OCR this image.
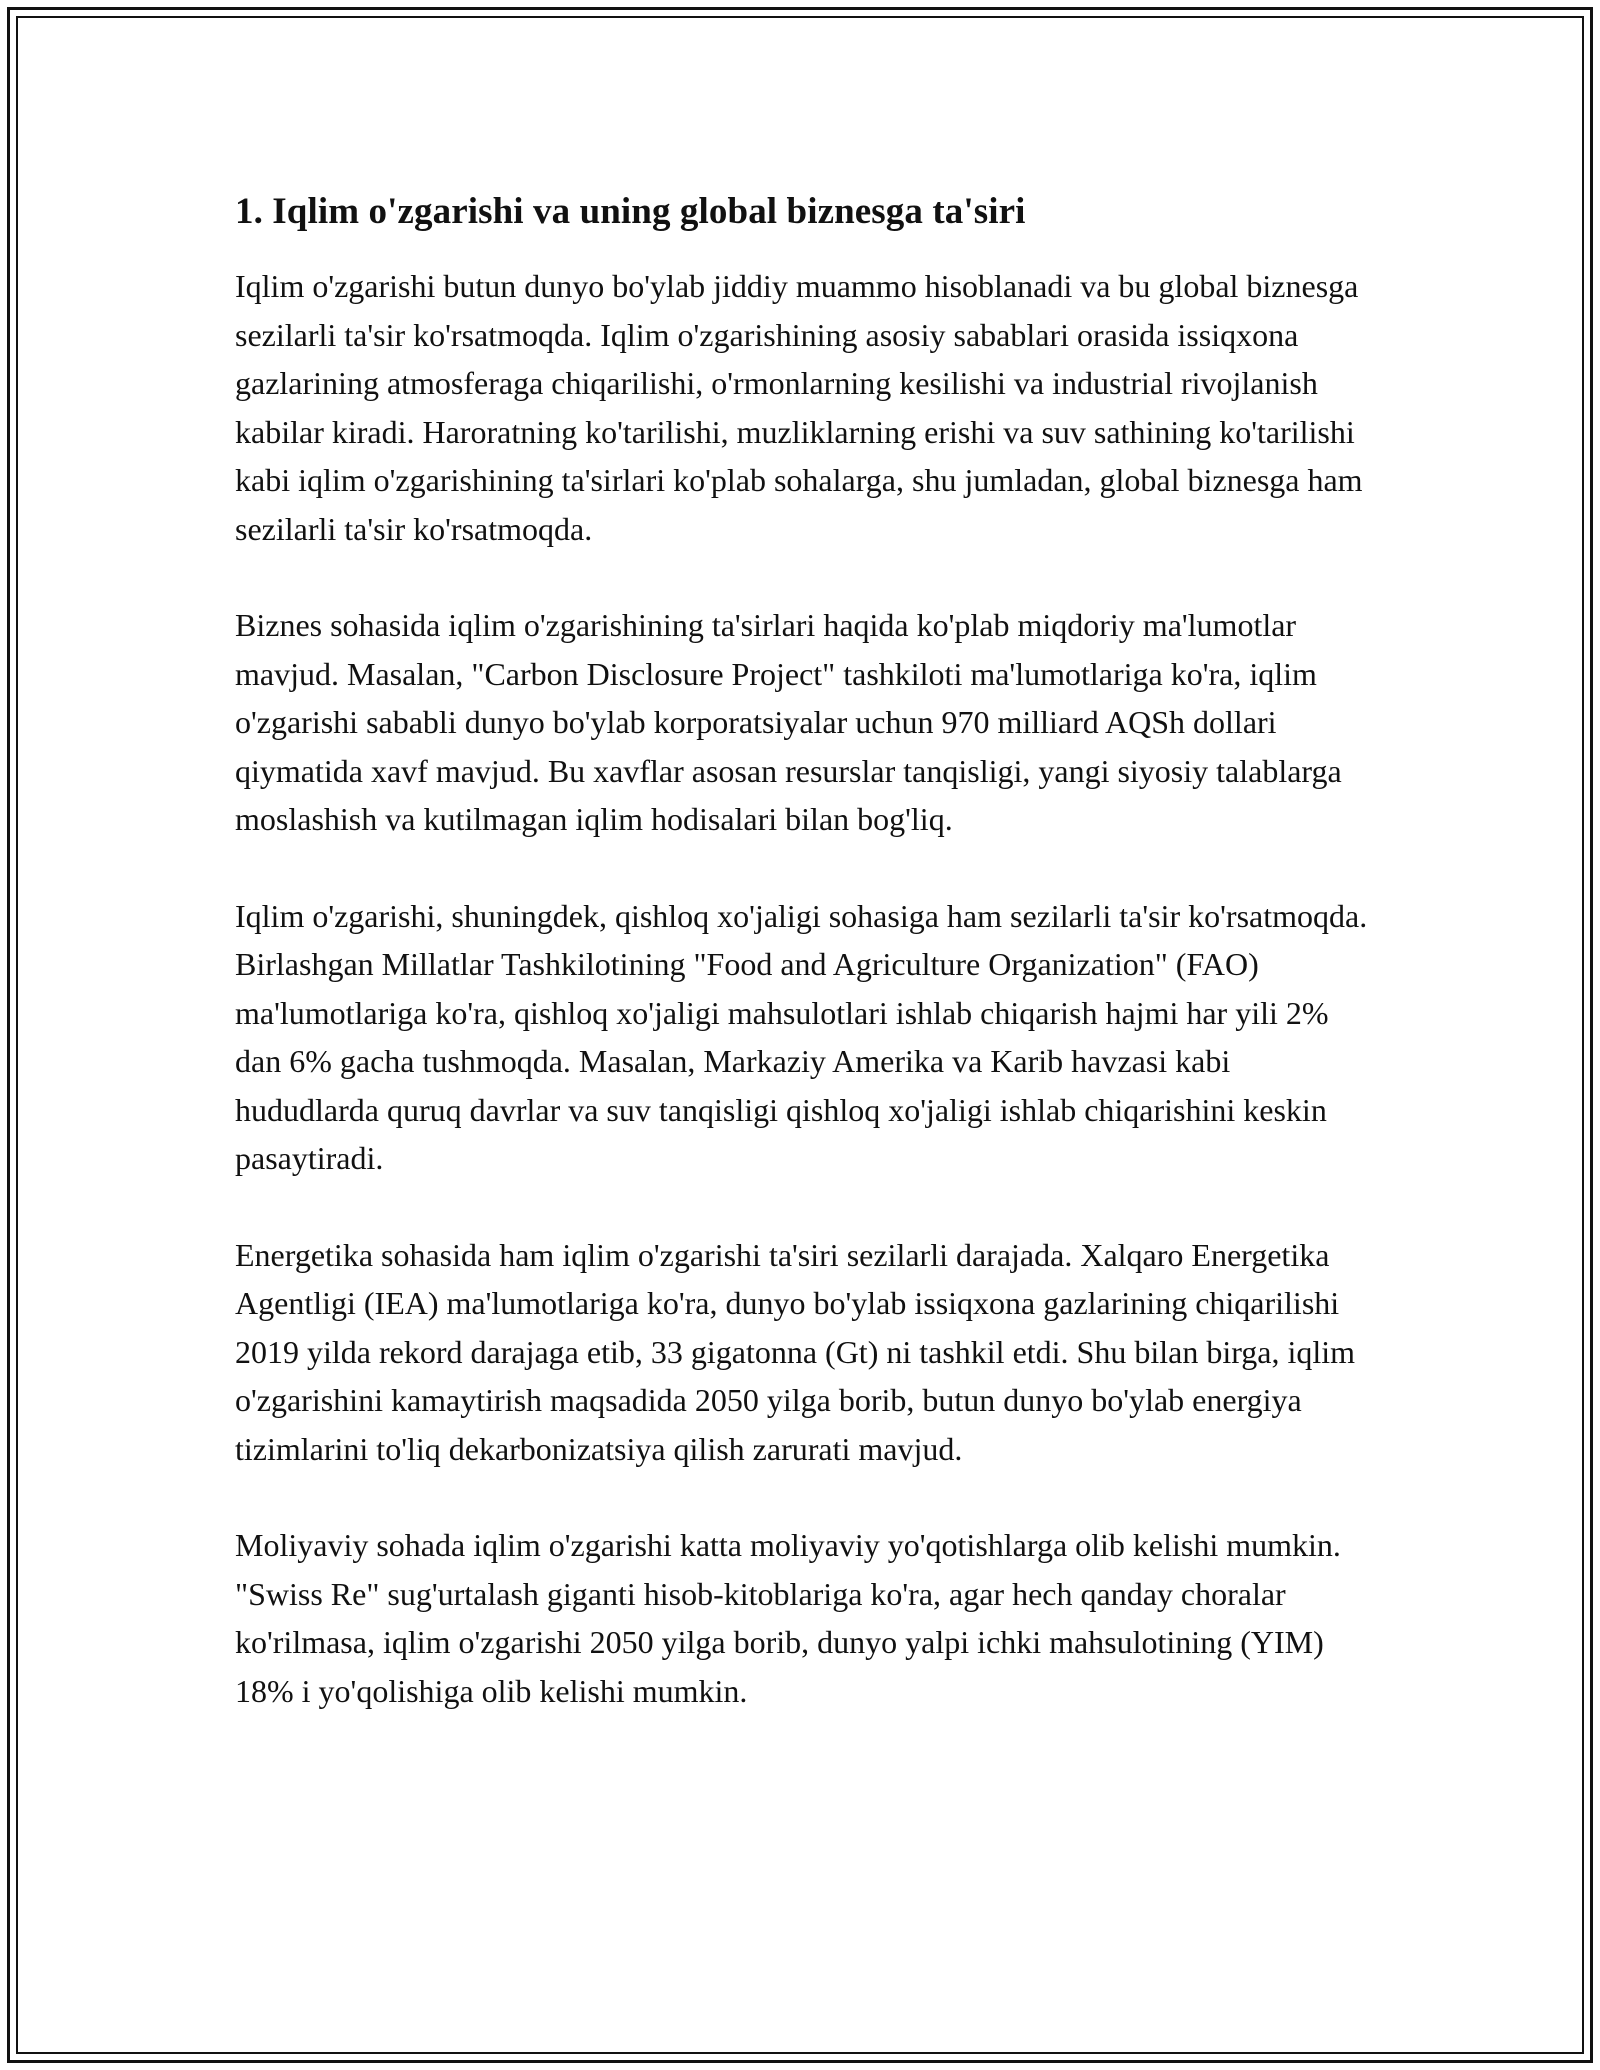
1. Iqlim o'zgarishi va uning global biznesga ta'siri

Iqlim o'zgarishi butun dunyo bo'ylab jiddiy muammo hisoblanadi va bu global biznesga sezilarli ta'sir ko'rsatmoqda. Iqlim o'zgarishining asosiy sabablari orasida issiqxona gazlarining atmosferaga chiqarilishi, o'rmonlarning kesilishi va industrial rivojlanish kabilar kiradi. Haroratning ko'tarilishi, muzliklarning erishi va suv sathining ko'tarilishi kabi iqlim o'zgarishining ta'sirlari ko'plab sohalarga, shu jumladan, global biznesga ham sezilarli ta'sir ko'rsatmoqda.

Biznes sohasida iqlim o'zgarishining ta'sirlari haqida ko'plab miqdoriy ma'lumotlar mavjud. Masalan, "Carbon Disclosure Project" tashkiloti ma'lumotlariga ko'ra, iqlim o'zgarishi sababli dunyo bo'ylab korporatsiyalar uchun 970 milliard AQSh dollari qiymatida xavf mavjud. Bu xavflar asosan resurslar tanqisligi, yangi siyosiy talablarga moslashish va kutilmagan iqlim hodisalari bilan bog'liq.

Iqlim o'zgarishi, shuningdek, qishloq xo'jaligi sohasiga ham sezilarli ta'sir ko'rsatmoqda. Birlashgan Millatlar Tashkilotining "Food and Agriculture Organization" (FAO) ma'lumotlariga ko'ra, qishloq xo'jaligi mahsulotlari ishlab chiqarish hajmi har yili 2% dan 6% gacha tushmoqda. Masalan, Markaziy Amerika va Karib havzasi kabi hududlarda quruq davrlar va suv tanqisligi qishloq xo'jaligi ishlab chiqarishini keskin pasaytiradi.

Energetika sohasida ham iqlim o'zgarishi ta'siri sezilarli darajada. Xalqaro Energetika Agentligi (IEA) ma'lumotlariga ko'ra, dunyo bo'ylab issiqxona gazlarining chiqarilishi 2019 yilda rekord darajaga etib, 33 gigatonna (Gt) ni tashkil etdi. Shu bilan birga, iqlim o'zgarishini kamaytirish maqsadida 2050 yilga borib, butun dunyo bo'ylab energiya tizimlarini to'liq dekarbonizatsiya qilish zarurati mavjud.

Moliyaviy sohada iqlim o'zgarishi katta moliyaviy yo'qotishlarga olib kelishi mumkin. "Swiss Re" sug'urtalash giganti hisob-kitoblariga ko'ra, agar hech qanday choralar ko'rilmasa, iqlim o'zgarishi 2050 yilga borib, dunyo yalpi ichki mahsulotining (YIM) 18% i yo'qolishiga olib kelishi mumkin.
